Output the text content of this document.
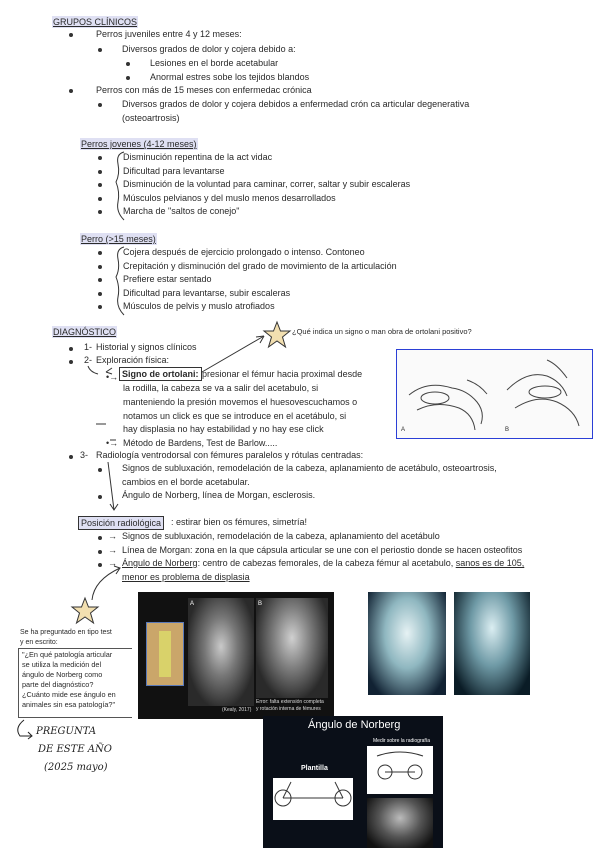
GRUPOS CLÍNICOS
Perros juveniles entre 4 y 12 meses:
Diversos grados de dolor y cojera debido a:
Lesiones en el borde acetabular
Anormal estres sobe los tejidos blandos
Perros con más de 15 meses con enfermedac crónica
Diversos grados de dolor y cojera debidos a enfermedad crón ca articular degenerativa
(osteoartrosis)
Perros jovenes (4-12 meses)
Disminución repentina de la act vidac
Dificultad para levantarse
Disminución de la voluntad para caminar, correr, saltar y subir escaleras
Músculos pelvianos y del muslo menos desarrollados
Marcha de "saltos de conejo"
Perro (>15 meses)
Cojera después de ejercicio prolongado o intenso. Contoneo
Crepitación y disminución del grado de movimiento de la articulación
Prefiere estar sentado
Dificultad para levantarse, subir escaleras
Músculos de pelvis y muslo atrofiados
DIAGNÓSTICO	¿Qué indica un signo o man obra de ortolani positivo?
1- Historial y signos clínicos
2- Exploración física:
•→ Signo de ortolani: presionar el fémur hacia proximal desde
la rodilla, la cabeza se va a salir del acetabulo, si
manteniendo la presión movemos el huesovescuchamos o
notamos un click es que se introduce en el acetábulo, si
hay displasia no hay estabilidad y no hay ese click
•→ Método de Bardens, Test de Barlow.....
A	B
3- Radiología ventrodorsal con fémures paralelos y rótulas centradas:
Signos de subluxación, remodelación de la cabeza, aplanamiento de acetábulo, osteoartrosis,
cambios en el borde acetabular.
Ángulo de Norberg, línea de Morgan, esclerosis.
Posición radiológica	: estirar bien os fémures, simetría!
→ Signos de subluxación, remodelación de la cabeza, aplanamiento del acetábulo
→ Línea de Morgan: zona en la que cápsula articular se une con el periostio donde se hacen osteofitos
→ Ángulo de Norberg: centro de cabezas femorales, de la cabeza fémur al acetabulo, sanos es de 105,
menor es problema de displasia
Se ha preguntado en tipo test
y en escrito:
"¿En qué patología articular
se utiliza la medición del
ángulo de Norberg como
parte del diagnóstico?
¿Cuánto mide ese ángulo en
animales sin esa patología?"
PREGUNTA
DE ESTE AÑO
(2025 mayo)
A	B
(Kealy, 2017)
Error: falta extensión completa
y rotación interna de fémures
Ángulo de Norberg
Medir sobre la radiografía
Plantilla
